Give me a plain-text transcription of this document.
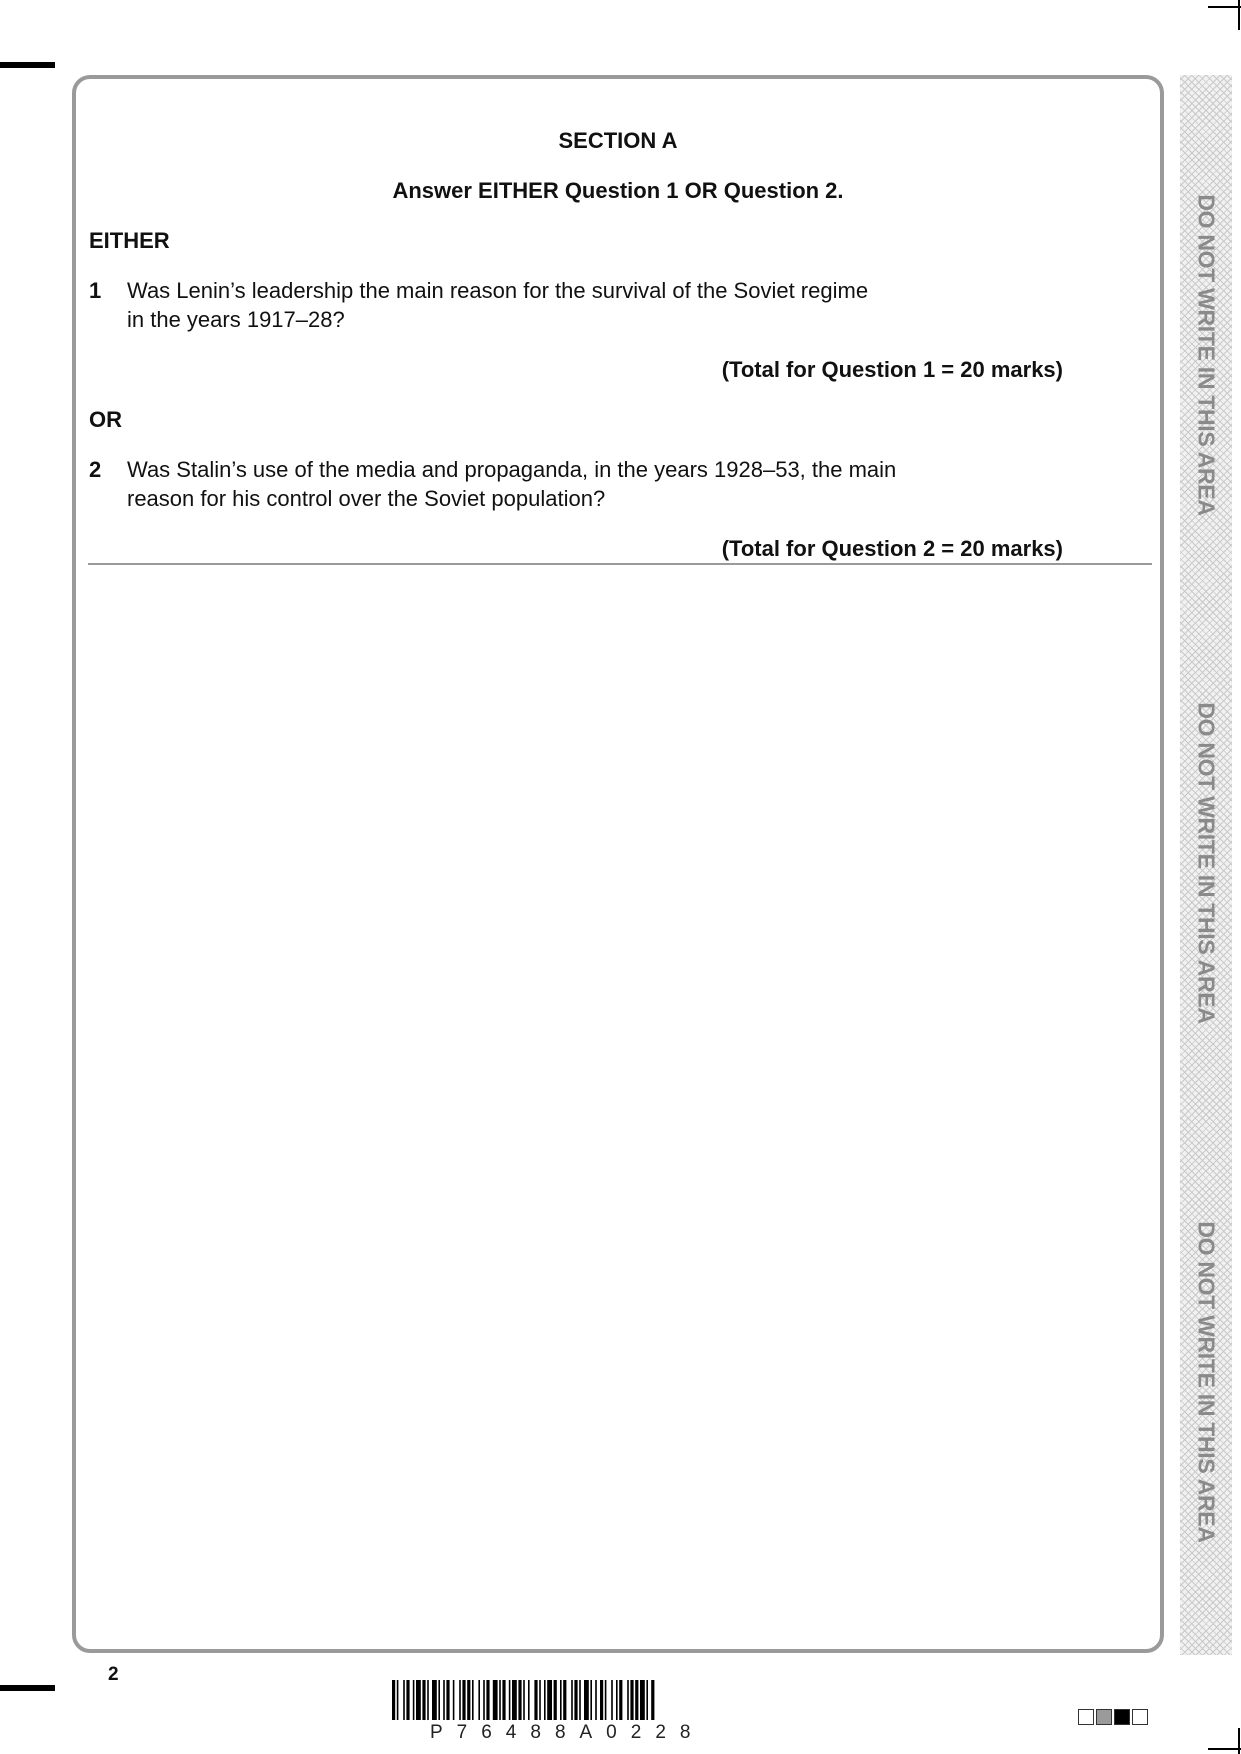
SECTION A
Answer EITHER Question 1 OR Question 2.
EITHER
1 Was Lenin’s leadership the main reason for the survival of the Soviet regime
in the years 1917–28?
(Total for Question 1 = 20 marks)
OR
2 Was Stalin’s use of the media and propaganda, in the years 1928–53, the main
reason for his control over the Soviet population?
(Total for Question 2 = 20 marks)
DO NOT WRITE IN THIS AREA
DO NOT WRITE IN THIS AREA
DO NOT WRITE IN THIS AREA
2
P76488A0228
